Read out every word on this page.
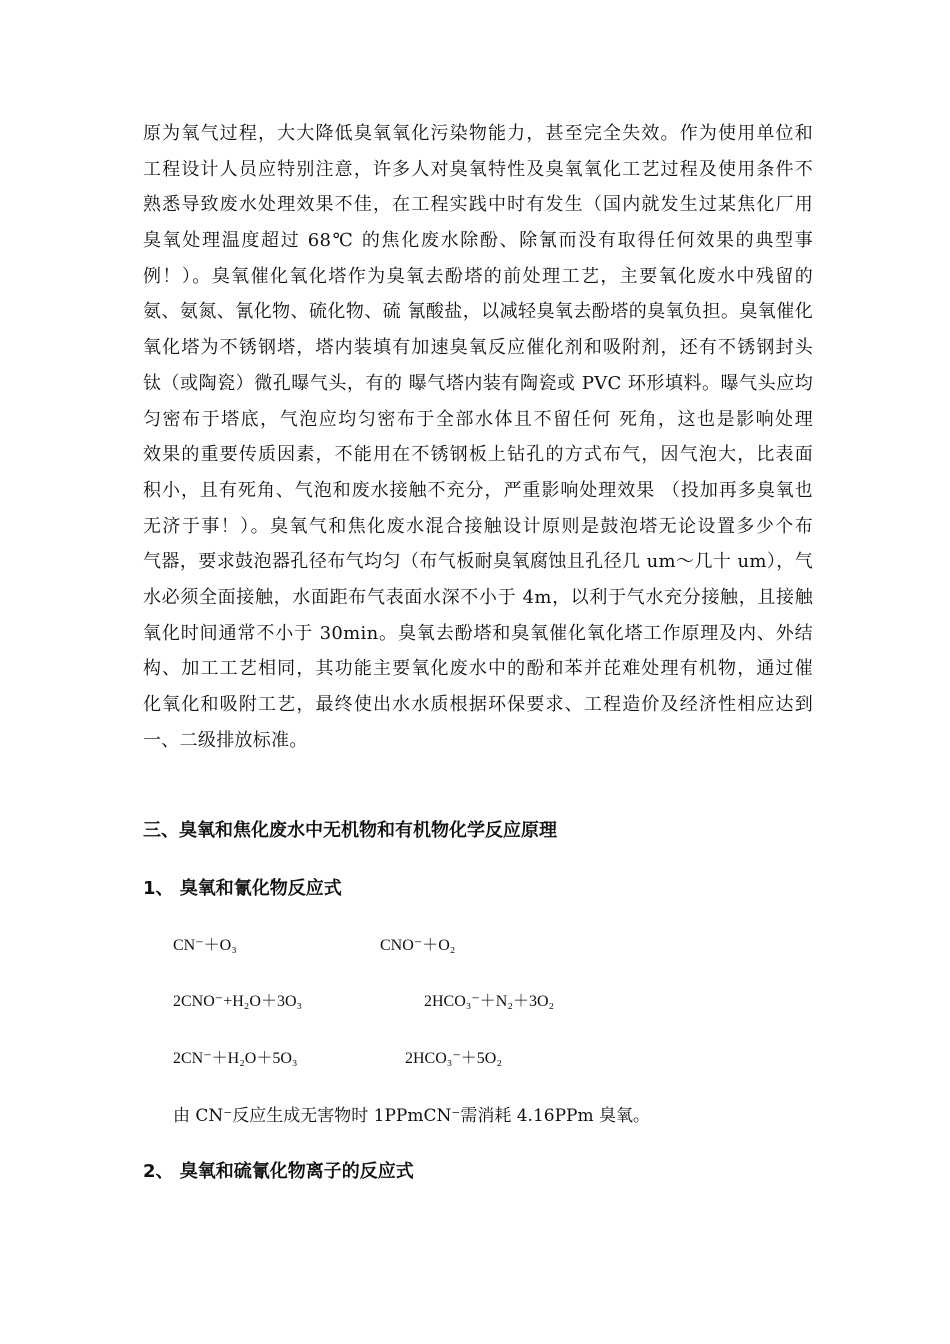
原为氧气过程，大大降低臭氧氧化污染物能力，甚至完全失效。作为使用单位和
工程设计人员应特别注意，许多人对臭氧特性及臭氧氧化工艺过程及使用条件不
熟悉导致废水处理效果不佳，在工程实践中时有发生（国内就发生过某焦化厂用
臭氧处理温度超过 68℃ 的焦化废水除酚、除氰而没有取得任何效果的典型事
例！）。臭氧催化氧化塔作为臭氧去酚塔的前处理工艺，主要氧化废水中残留的
氨、氨氮、氰化物、硫化物、硫 氰酸盐，以减轻臭氧去酚塔的臭氧负担。臭氧催化
氧化塔为不锈钢塔，塔内装填有加速臭氧反应催化剂和吸附剂，还有不锈钢封头
钛（或陶瓷）微孔曝气头，有的 曝气塔内装有陶瓷或 PVC 环形填料。曝气头应均
匀密布于塔底，气泡应均匀密布于全部水体且不留任何 死角，这也是影响处理
效果的重要传质因素，不能用在不锈钢板上钻孔的方式布气，因气泡大，比表面
积小，且有死角、气泡和废水接触不充分，严重影响处理效果 （投加再多臭氧也
无济于事！）。臭氧气和焦化废水混合接触设计原则是鼓泡塔无论设置多少个布
气器，要求鼓泡器孔径布气均匀（布气板耐臭氧腐蚀且孔径几 um～几十 um），气
水必须全面接触，水面距布气表面水深不小于 4m，以利于气水充分接触，且接触
氧化时间通常不小于 30min。臭氧去酚塔和臭氧催化氧化塔工作原理及内、外结
构、加工工艺相同，其功能主要氧化废水中的酚和苯并芘难处理有机物，通过催
化氧化和吸附工艺，最终使出水水质根据环保要求、工程造价及经济性相应达到
一、二级排放标准。
三、臭氧和焦化废水中无机物和有机物化学反应原理
1、 臭氧和氰化物反应式
CN⁻＋O₃	CNO⁻＋O₂
2CNO⁻+H₂O＋3O₃	2HCO₃⁻＋N₂＋3O₂
2CN⁻＋H₂O＋5O₃	2HCO₃⁻＋5O₂
由 CN⁻反应生成无害物时 1PPmCN⁻需消耗 4.16PPm 臭氧。
2、 臭氧和硫氰化物离子的反应式
